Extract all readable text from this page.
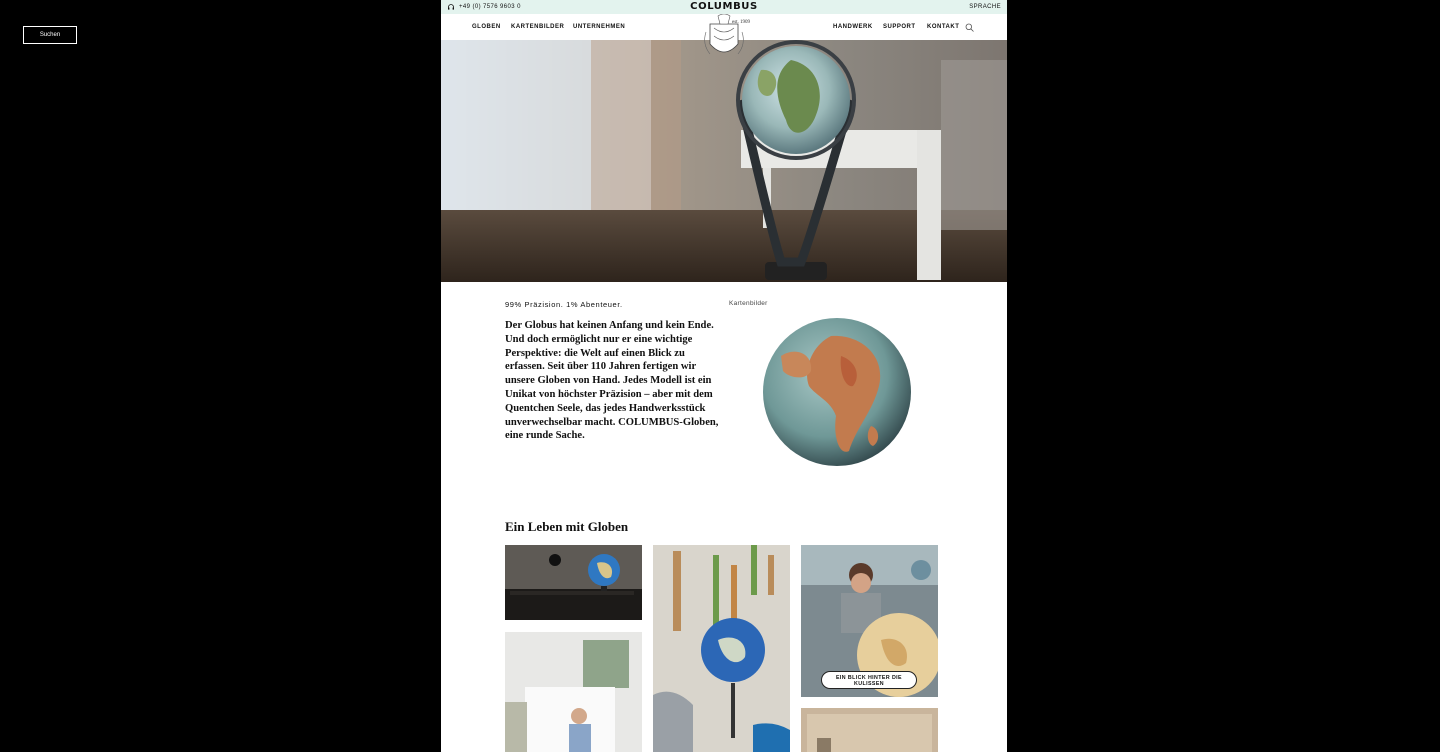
Suchen
+49 (0) 7576 9603 0	SPRACHE
COLUMBUS
GLOBEN KARTENBILDER UNTERNEHMEN	HANDWERK SUPPORT KONTAKT
99% Präzision. 1% Abenteuer.
Der Globus hat keinen Anfang und kein Ende. Und doch ermöglicht nur er eine wichtige Perspektive: die Welt auf einen Blick zu erfassen. Seit über 110 Jahren fertigen wir unsere Globen von Hand. Jedes Modell ist ein Unikat von höchster Präzision – aber mit dem Quentchen Seele, das jedes Handwerksstück unverwechselbar macht. COLUMBUS-Globen, eine runde Sache.
Kartenbilder
Ein Leben mit Globen
EIN BLICK HINTER DIE KULISSEN
est. 1909
